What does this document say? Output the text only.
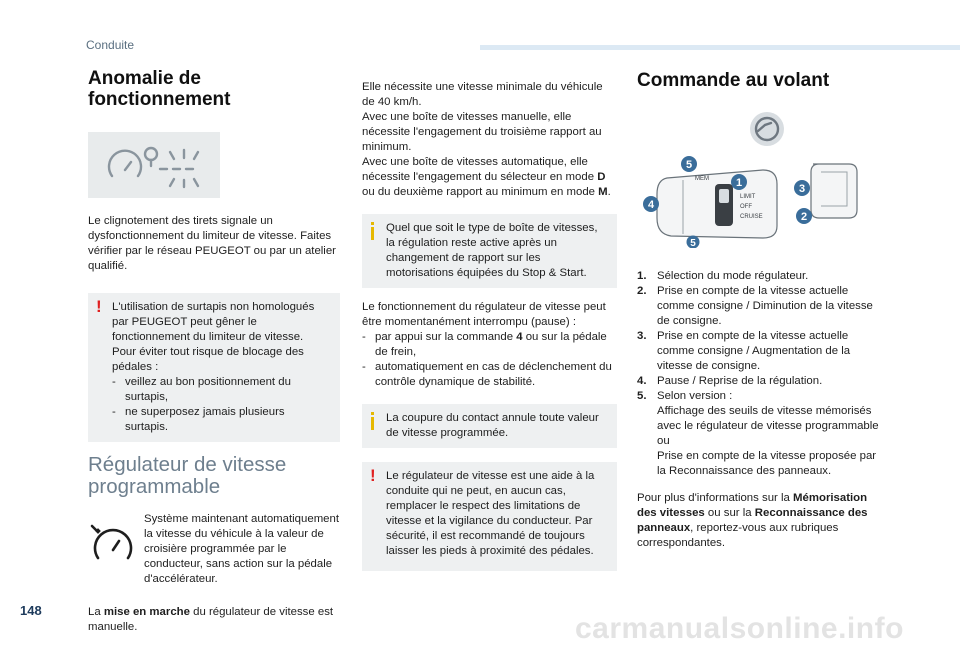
Conduite
Anomalie de fonctionnement

Le clignotement des tirets signale un dysfonctionnement du limiteur de vitesse. Faites vérifier par le réseau PEUGEOT ou par un atelier qualifié.

! L'utilisation de surtapis non homologués par PEUGEOT peut gêner le fonctionnement du limiteur de vitesse. Pour éviter tout risque de blocage des pédales :

- veillez au bon positionnement du surtapis,
- ne superposez jamais plusieurs surtapis.
Régulateur de vitesse programmable

Système maintenant automatiquement la vitesse du véhicule à la valeur de croisière programmée par le conducteur, sans action sur la pédale d'accélérateur.

La mise en marche du régulateur de vitesse est manuelle.

Elle nécessite une vitesse minimale du véhicule de 40 km/h.

Avec une boîte de vitesses manuelle, elle nécessite l'engagement du troisième rapport au minimum.

Avec une boîte de vitesses automatique, elle nécessite l'engagement du sélecteur en mode D ou du deuxième rapport au minimum en mode M.

Quel que soit le type de boîte de vitesses, la régulation reste active après un changement de rapport sur les motorisations équipées du Stop & Start.

Le fonctionnement du régulateur de vitesse peut être momentanément interrompu (pause) :

- par appui sur la commande 4 ou sur la pédale de frein,
- automatiquement en cas de déclenchement du contrôle dynamique de stabilité.

La coupure du contact annule toute valeur de vitesse programmée.

! Le régulateur de vitesse est une aide à la conduite qui ne peut, en aucun cas, remplacer le respect des limitations de vitesse et la vigilance du conducteur. Par sécurité, il est recommandé de toujours laisser les pieds à proximité des pédales.

Commande au volant

MEM
LIMIT
OFF
CRUISE
1
2
3
4
5
5
1. Sélection du mode régulateur.
2. Prise en compte de la vitesse actuelle comme consigne / Diminution de la vitesse de consigne.
3. Prise en compte de la vitesse actuelle comme consigne / Augmentation de la vitesse de consigne.
4. Pause / Reprise de la régulation.
5. Selon version :
Affichage des seuils de vitesse mémorisés avec le régulateur de vitesse programmable
ou
Prise en compte de la vitesse proposée par la Reconnaissance des panneaux.

Pour plus d'informations sur la Mémorisation des vitesses ou sur la Reconnaissance des panneaux, reportez-vous aux rubriques correspondantes.

148
carmanualsonline.info
